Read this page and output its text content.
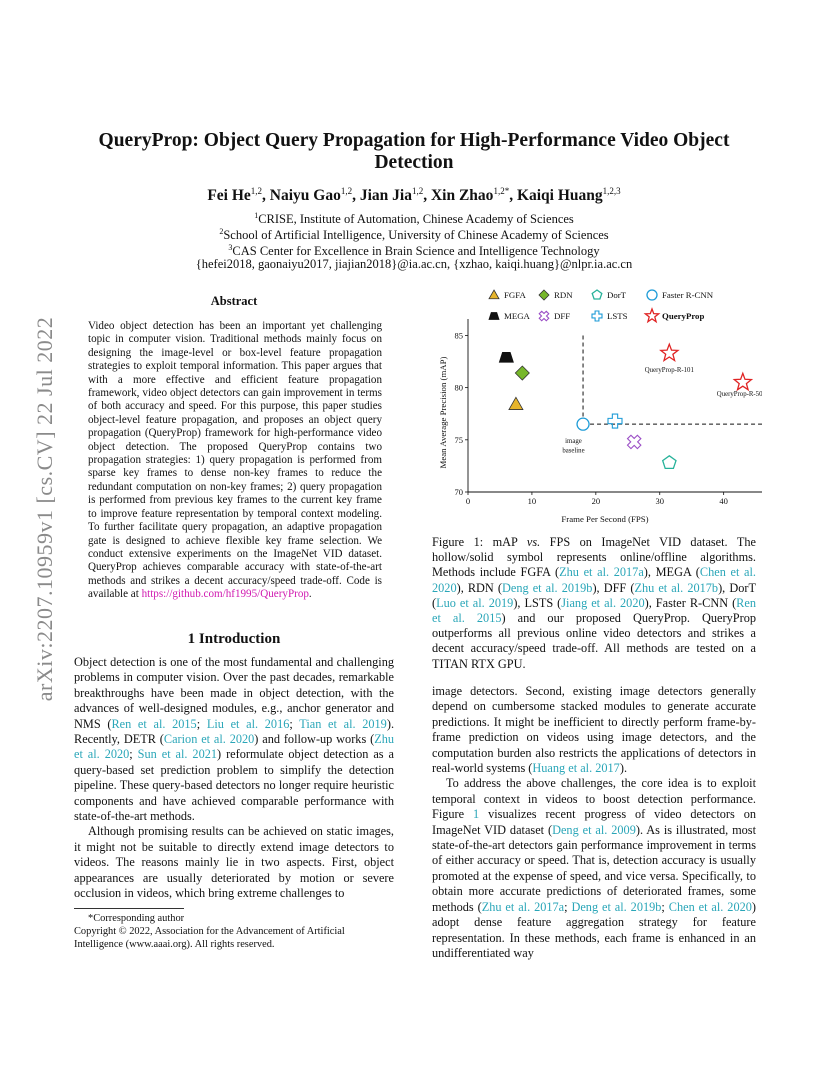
arXiv:2207.10959v1 [cs.CV] 22 Jul 2022
QueryProp: Object Query Propagation for High-Performance Video Object Detection
Fei He$^{1,2}$, Naiyu Gao$^{1,2}$, Jian Jia$^{1,2}$, Xin Zhao$^{1,2*}$, Kaiqi Huang$^{1,2,3}$
$^1$CRISE, Institute of Automation, Chinese Academy of Sciences
$^2$School of Artificial Intelligence, University of Chinese Academy of Sciences
$^3$CAS Center for Excellence in Brain Science and Intelligence Technology
{hefei2018, gaonaiyu2017, jiajian2018}@ia.ac.cn, {xzhao, kaiqi.huang}@nlpr.ia.ac.cn
Abstract
Video object detection has been an important yet challenging topic in computer vision. Traditional methods mainly focus on designing the image-level or box-level feature propagation strategies to exploit temporal information. This paper argues that with a more effective and efficient feature propagation framework, video object detectors can gain improvement in terms of both accuracy and speed. For this purpose, this paper studies object-level feature propagation, and proposes an object query propagation (QueryProp) framework for high-performance video object detection. The proposed QueryProp contains two propagation strategies: 1) query propagation is performed from sparse key frames to dense non-key frames to reduce the redundant computation on non-key frames; 2) query propagation is performed from previous key frames to the current key frame to improve feature representation by temporal context modeling. To further facilitate query propagation, an adaptive propagation gate is designed to achieve flexible key frame selection. We conduct extensive experiments on the ImageNet VID dataset. QueryProp achieves comparable accuracy with state-of-the-art methods and strikes a decent accuracy/speed trade-off. Code is available at https://github.com/hf1995/QueryProp.
1 Introduction

Object detection is one of the most fundamental and challenging problems in computer vision. Over the past decades, remarkable breakthroughs have been made in object detection, with the advances of well-designed modules, e.g., anchor generator and NMS (Ren et al. 2015; Liu et al. 2016; Tian et al. 2019). Recently, DETR (Carion et al. 2020) and follow-up works (Zhu et al. 2020; Sun et al. 2021) reformulate object detection as a query-based set prediction problem to simplify the detection pipeline. These query-based detectors no longer require heuristic components and have achieved comparable performance with state-of-the-art methods.

Although promising results can be achieved on static images, it might not be suitable to directly extend image detectors to videos. The reasons mainly lie in two aspects. First, object appearances are usually deteriorated by motion or severe occlusion in videos, which bring extreme challenges to

*Corresponding author
Copyright © 2022, Association for the Advancement of Artificial Intelligence (www.aaai.org). All rights reserved.
70
75
80
85
0	10	20	30	40
Frame Per Second (FPS)
Mean Average Precision (mAP)	QueryProp-R-101
QueryProp-R-50
image
baseline
FGFA	RDN	DorT	Faster R-CNN
MEGA	DFF	LSTS	QueryProp
Figure 1: mAP vs. FPS on ImageNet VID dataset. The hollow/solid symbol represents online/offline algorithms. Methods include FGFA (Zhu et al. 2017a), MEGA (Chen et al. 2020), RDN (Deng et al. 2019b), DFF (Zhu et al. 2017b), DorT (Luo et al. 2019), LSTS (Jiang et al. 2020), Faster R-CNN (Ren et al. 2015) and our proposed QueryProp. QueryProp outperforms all previous online video detectors and strikes a decent accuracy/speed trade-off. All methods are tested on a TITAN RTX GPU.

image detectors. Second, existing image detectors generally depend on cumbersome stacked modules to generate accurate predictions. It might be inefficient to directly perform frame-by-frame prediction on videos using image detectors, and the computation burden also restricts the applications of detectors in real-world systems (Huang et al. 2017).

To address the above challenges, the core idea is to exploit temporal context in videos to boost detection performance. Figure 1 visualizes recent progress of video detectors on ImageNet VID dataset (Deng et al. 2009). As is illustrated, most state-of-the-art detectors gain performance improvement in terms of either accuracy or speed. That is, detection accuracy is usually promoted at the expense of speed, and vice versa. Specifically, to obtain more accurate predictions of deteriorated frames, some methods (Zhu et al. 2017a; Deng et al. 2019b; Chen et al. 2020) adopt dense feature aggregation strategy for feature representation. In these methods, each frame is enhanced in an undifferentiated way
